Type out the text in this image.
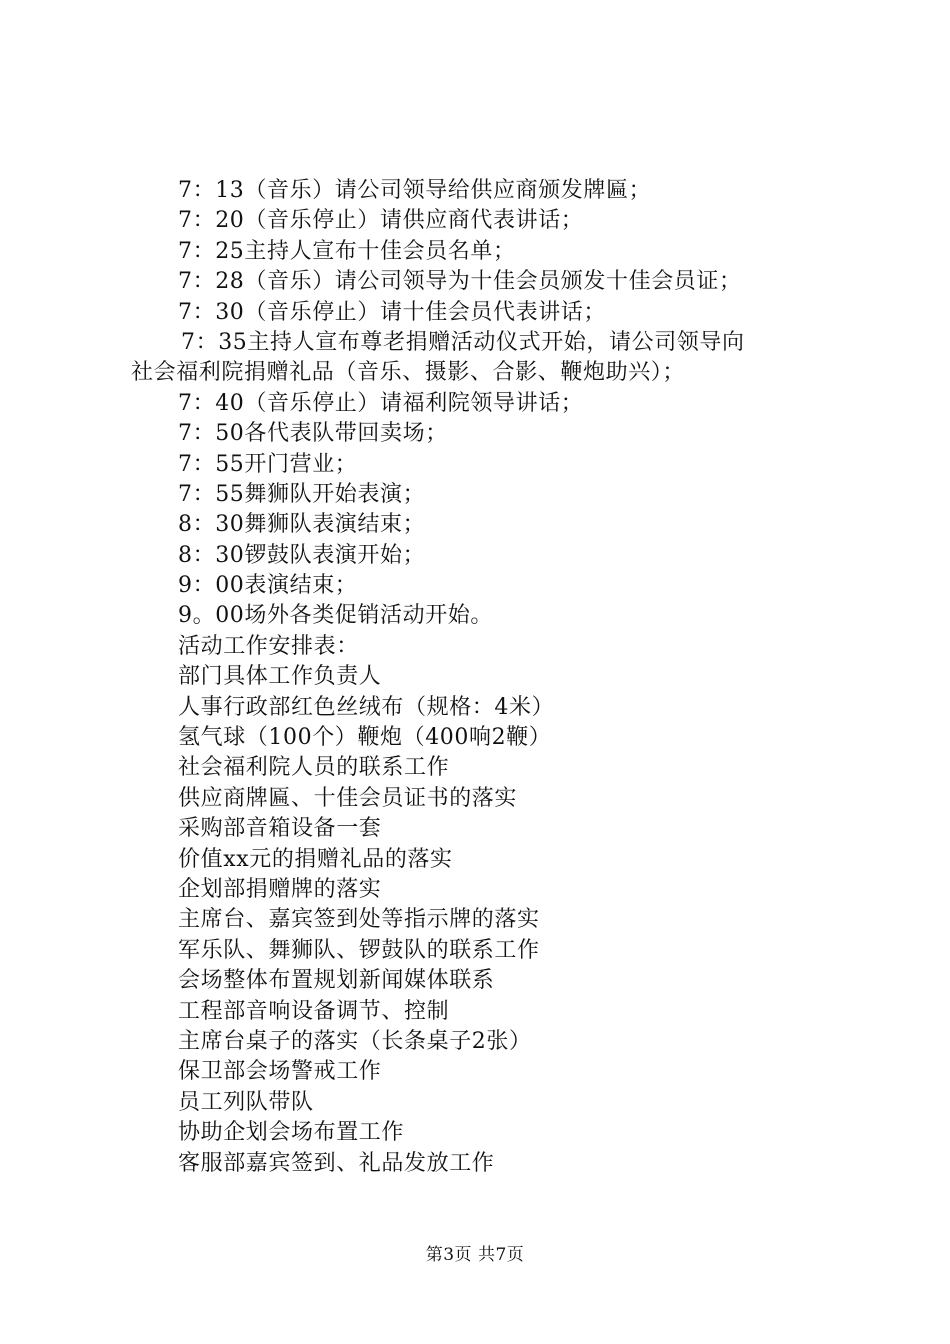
7：13（音乐）请公司领导给供应商颁发牌匾；
7：20（音乐停止）请供应商代表讲话；
7：25主持人宣布十佳会员名单；
7：28（音乐）请公司领导为十佳会员颁发十佳会员证；
7：30（音乐停止）请十佳会员代表讲话；
7：35主持人宣布尊老捐赠活动仪式开始，请公司领导向
社会福利院捐赠礼品（音乐、摄影、合影、鞭炮助兴）；
7：40（音乐停止）请福利院领导讲话；
7：50各代表队带回卖场；
7：55开门营业；
7：55舞狮队开始表演；
8：30舞狮队表演结束；
8：30锣鼓队表演开始；
9：00表演结束；
9。00场外各类促销活动开始。
活动工作安排表：
部门具体工作负责人
人事行政部红色丝绒布（规格：4米）
氢气球（100个）鞭炮（400响2鞭）
社会福利院人员的联系工作
供应商牌匾、十佳会员证书的落实
采购部音箱设备一套
价值xx元的捐赠礼品的落实
企划部捐赠牌的落实
主席台、嘉宾签到处等指示牌的落实
军乐队、舞狮队、锣鼓队的联系工作
会场整体布置规划新闻媒体联系
工程部音响设备调节、控制
主席台桌子的落实（长条桌子2张）
保卫部会场警戒工作
员工列队带队
协助企划会场布置工作
客服部嘉宾签到、礼品发放工作
第3页 共7页
